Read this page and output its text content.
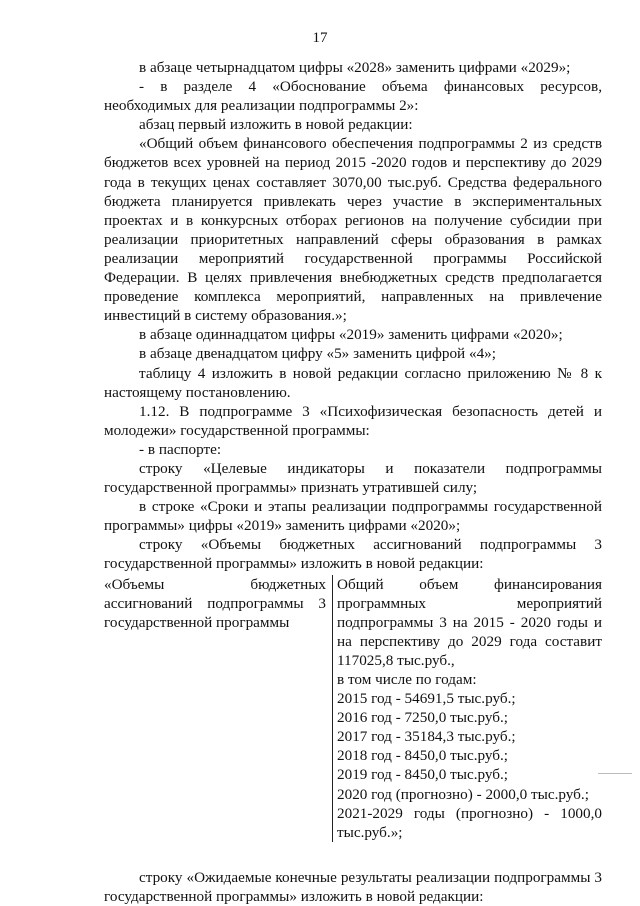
17

в абзаце четырнадцатом цифры «2028» заменить цифрами «2029»;

- в разделе 4 «Обоснование объема финансовых ресурсов, необходимых для реализации подпрограммы 2»:

абзац первый изложить в новой редакции:

«Общий объем финансового обеспечения подпрограммы 2 из средств бюджетов всех уровней на период 2015 -2020 годов и перспективу до 2029 года в текущих ценах составляет 3070,00 тыс.руб. Средства федерального бюджета планируется привлекать через участие в экспериментальных проектах и в конкурсных отборах регионов на получение субсидии при реализации приоритетных направлений сферы образования в рамках реализации мероприятий государственной программы Российской Федерации. В целях привлечения внебюджетных средств предполагается проведение комплекса мероприятий, направленных на привлечение инвестиций в систему образования.»;

в абзаце одиннадцатом цифры «2019» заменить цифрами «2020»;

в абзаце двенадцатом цифру «5» заменить цифрой «4»;

таблицу 4 изложить в новой редакции согласно приложению № 8 к настоящему постановлению.

1.12. В подпрограмме 3 «Психофизическая безопасность детей и молодежи» государственной программы:

- в паспорте:

строку «Целевые индикаторы и показатели подпрограммы государственной программы» признать утратившей силу;

в строке «Сроки и этапы реализации подпрограммы государственной программы» цифры «2019» заменить цифрами «2020»;

строку «Объемы бюджетных ассигнований подпрограммы 3 государственной программы» изложить в новой редакции:

«Объемы бюджетных ассигнований подпрограммы 3 государственной программы

Общий объем финансирования программных мероприятий подпрограммы 3 на 2015 - 2020 годы и на перспективу до 2029 года составит 117025,8 тыс.руб.,

в том числе по годам:

2015 год - 54691,5 тыс.руб.;

2016 год - 7250,0 тыс.руб.;

2017 год - 35184,3 тыс.руб.;

2018 год - 8450,0 тыс.руб.;

2019 год - 8450,0 тыс.руб.;

2020 год (прогнозно) - 2000,0 тыс.руб.;

2021-2029 годы (прогнозно) - 1000,0 тыс.руб.»;

строку «Ожидаемые конечные результаты реализации подпрограммы 3 государственной программы» изложить в новой редакции:
